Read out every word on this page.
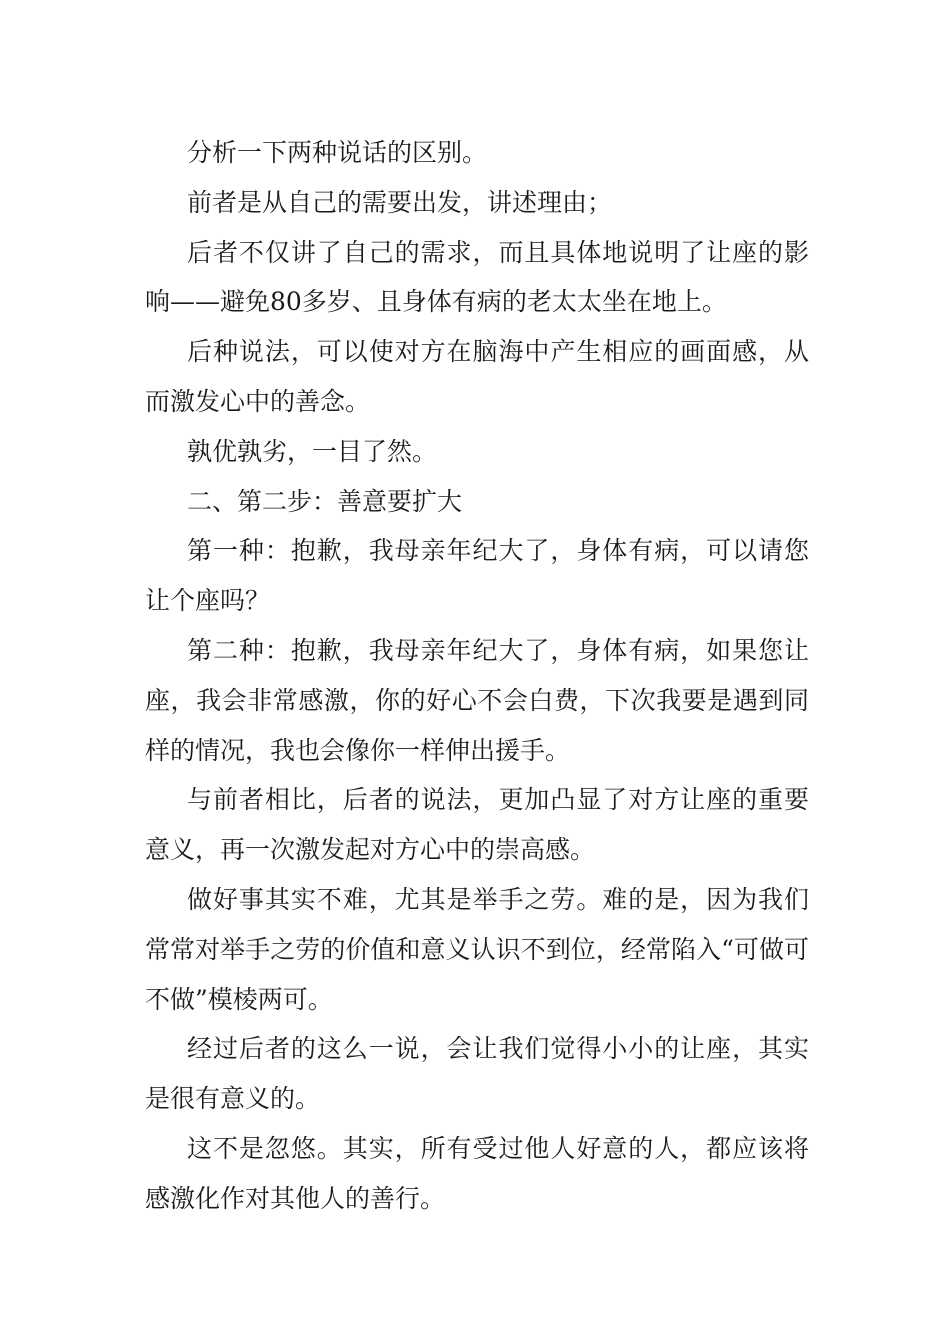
分析一下两种说话的区别。

前者是从自己的需要出发，讲述理由；

后者不仅讲了自己的需求，而且具体地说明了让座的影响——避免80多岁、且身体有病的老太太坐在地上。

后种说法，可以使对方在脑海中产生相应的画面感，从而激发心中的善念。

孰优孰劣，一目了然。

二、第二步：善意要扩大

第一种：抱歉，我母亲年纪大了，身体有病，可以请您让个座吗？

第二种：抱歉，我母亲年纪大了，身体有病，如果您让座，我会非常感激，你的好心不会白费，下次我要是遇到同样的情况，我也会像你一样伸出援手。

与前者相比，后者的说法，更加凸显了对方让座的重要意义，再一次激发起对方心中的崇高感。

做好事其实不难，尤其是举手之劳。难的是，因为我们常常对举手之劳的价值和意义认识不到位，经常陷入“可做可不做”模棱两可。

经过后者的这么一说，会让我们觉得小小的让座，其实是很有意义的。

这不是忽悠。其实，所有受过他人好意的人，都应该将感激化作对其他人的善行。
